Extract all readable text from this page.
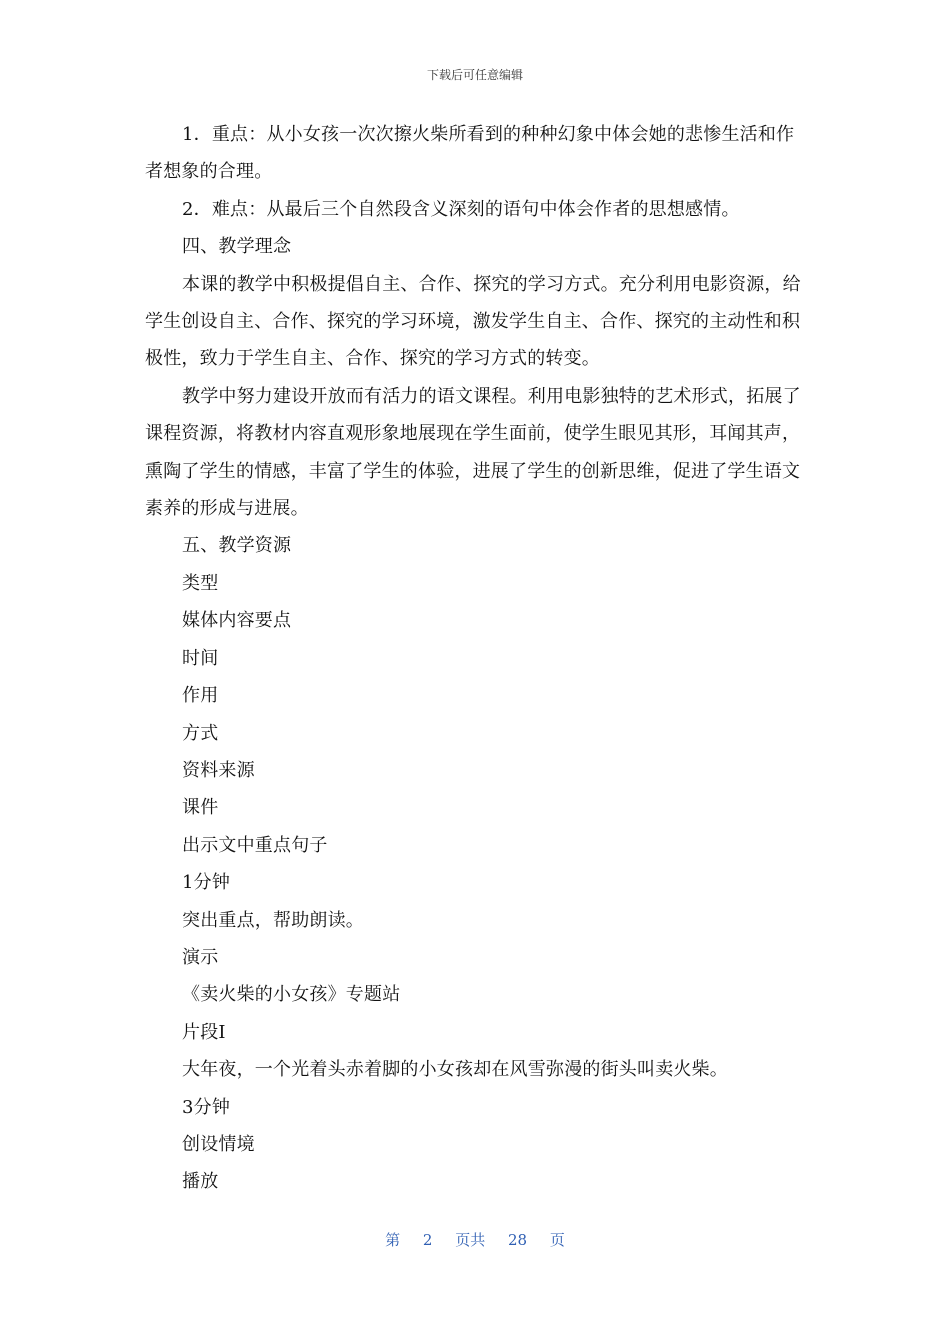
下载后可任意编辑

1．重点：从小女孩一次次擦火柴所看到的种种幻象中体会她的悲惨生活和作者想象的合理。

2．难点：从最后三个自然段含义深刻的语句中体会作者的思想感情。

四、教学理念

本课的教学中积极提倡自主、合作、探究的学习方式。充分利用电影资源，给学生创设自主、合作、探究的学习环境，激发学生自主、合作、探究的主动性和积极性，致力于学生自主、合作、探究的学习方式的转变。

教学中努力建设开放而有活力的语文课程。利用电影独特的艺术形式，拓展了课程资源，将教材内容直观形象地展现在学生面前，使学生眼见其形，耳闻其声，熏陶了学生的情感，丰富了学生的体验，进展了学生的创新思维，促进了学生语文素养的形成与进展。

五、教学资源
类型
媒体内容要点
时间
作用
方式
资料来源
课件
出示文中重点句子
1分钟
突出重点，帮助朗读。
演示
《卖火柴的小女孩》专题站
片段Ⅰ
大年夜，一个光着头赤着脚的小女孩却在风雪弥漫的街头叫卖火柴。
3分钟
创设情境
播放
第 2 页共 28 页
